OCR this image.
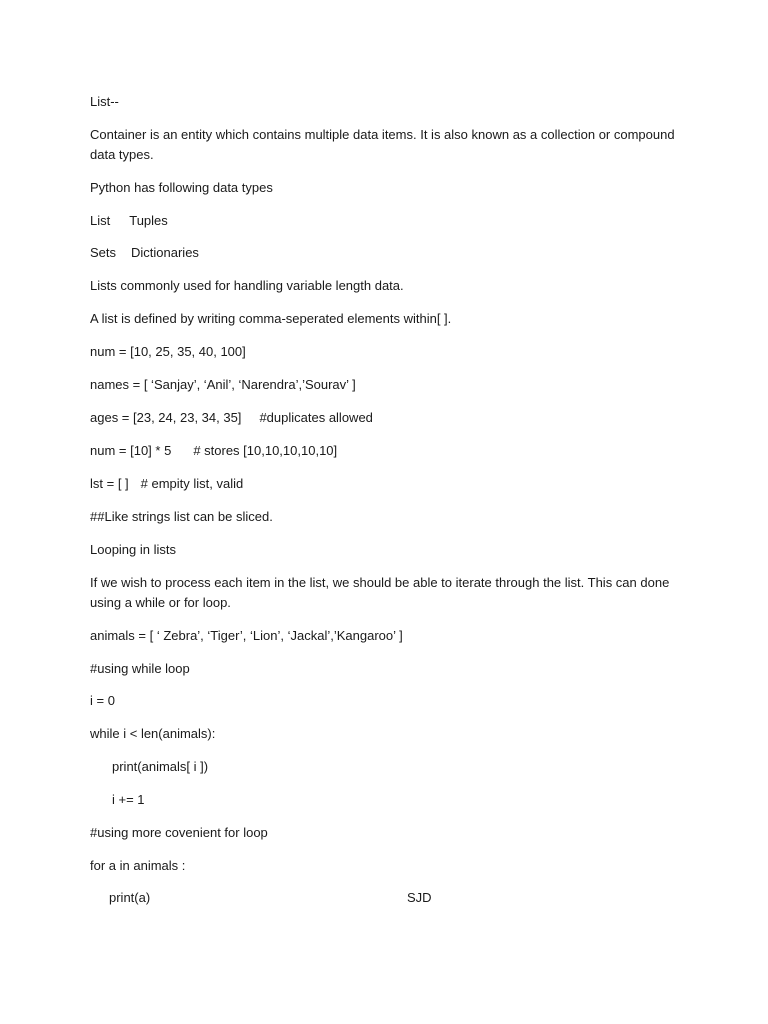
List--

Container is an entity which contains multiple data items. It is also known as a collection or compound data types.

Python has following data types

List Tuples

Sets Dictionaries

Lists commonly used for handling variable length data.

A list is defined by writing comma-seperated elements within[ ].

num = [10, 25, 35, 40, 100]

names = [ ‘Sanjay’, ‘Anil’, ‘Narendra’,’Sourav’ ]

ages = [23, 24, 23, 34, 35] #duplicates allowed

num = [10] * 5 # stores [10,10,10,10,10]

lst = [ ] # empity list, valid

##Like strings list can be sliced.

Looping in lists

If we wish to process each item in the list, we should be able to iterate through the list. This can done using a while or for loop.

animals = [ ‘ Zebra’, ‘Tiger’, ‘Lion’, ‘Jackal’,’Kangaroo’ ]

#using while loop

i = 0

while i < len(animals):

print(animals[ i ])

i += 1

#using more covenient for loop

for a in animals :

print(a)	SJD
